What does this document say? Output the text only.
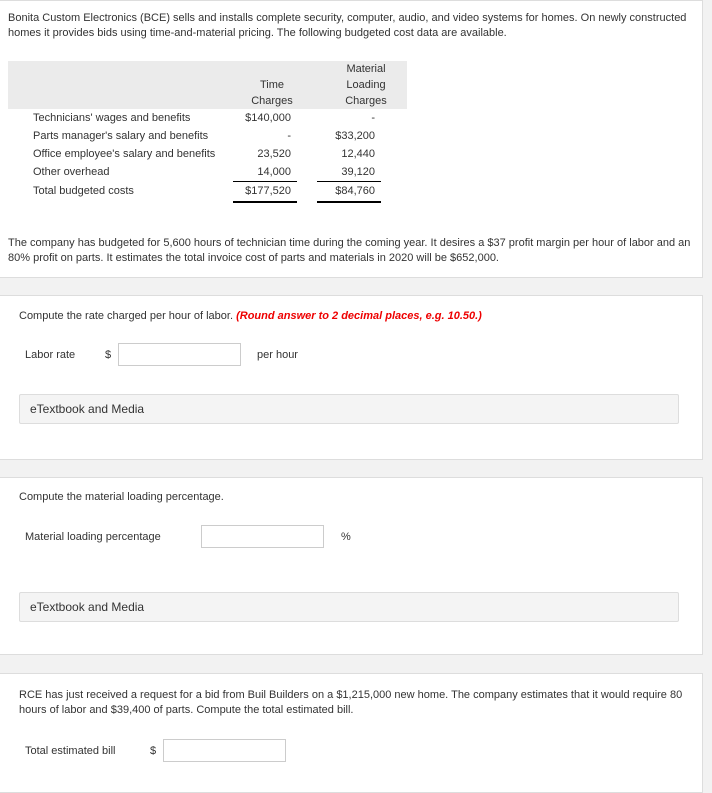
Bonita Custom Electronics (BCE) sells and installs complete security, computer, audio, and video systems for homes. On newly constructed homes it provides bids using time-and-material pricing. The following budgeted cost data are available.

Time
Charges
Material
Loading
Charges
Technicians' wages and benefits	$140,000	-
Parts manager's salary and benefits	-	$33,200
Office employee's salary and benefits	23,520	12,440
Other overhead	14,000	39,120
Total budgeted costs	$177,520	$84,760

The company has budgeted for 5,600 hours of technician time during the coming year. It desires a $37 profit margin per hour of labor and an 80% profit on parts. It estimates the total invoice cost of parts and materials in 2020 will be $652,000.

Compute the rate charged per hour of labor. (Round answer to 2 decimal places, e.g. 10.50.)

Labor rate	$	per hour
eTextbook and Media

Compute the material loading percentage.

Material loading percentage	%
eTextbook and Media

RCE has just received a request for a bid from Buil Builders on a $1,215,000 new home. The company estimates that it would require 80 hours of labor and $39,400 of parts. Compute the total estimated bill.

Total estimated bill	$
